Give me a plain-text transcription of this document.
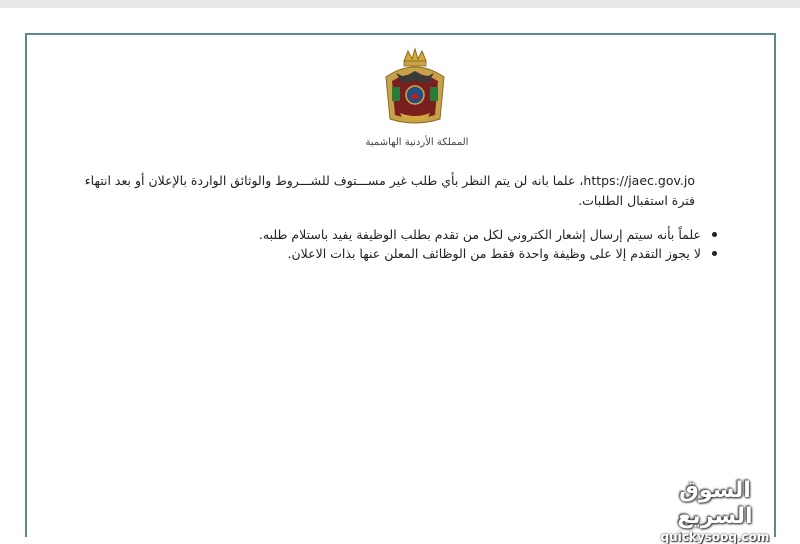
المملكة الأردنية الهاشمية

https://jaec.gov.jo، علما بانه لن يتم النظر بأي طلب غير مســـتوف للشـــروط والوثائق الواردة بالإعلان أو بعد انتهاء فترة استقبال الطلبات.

علماً بأنه سيتم إرسال إشعار الكتروني لكل من تقدم بطلب الوظيفة يفيد باستلام طلبه.
لا يجوز التقدم إلا على وظيفة واحدة فقط من الوظائف المعلن عنها بذات الاعلان.
السوق السريع
quickysooq.com
